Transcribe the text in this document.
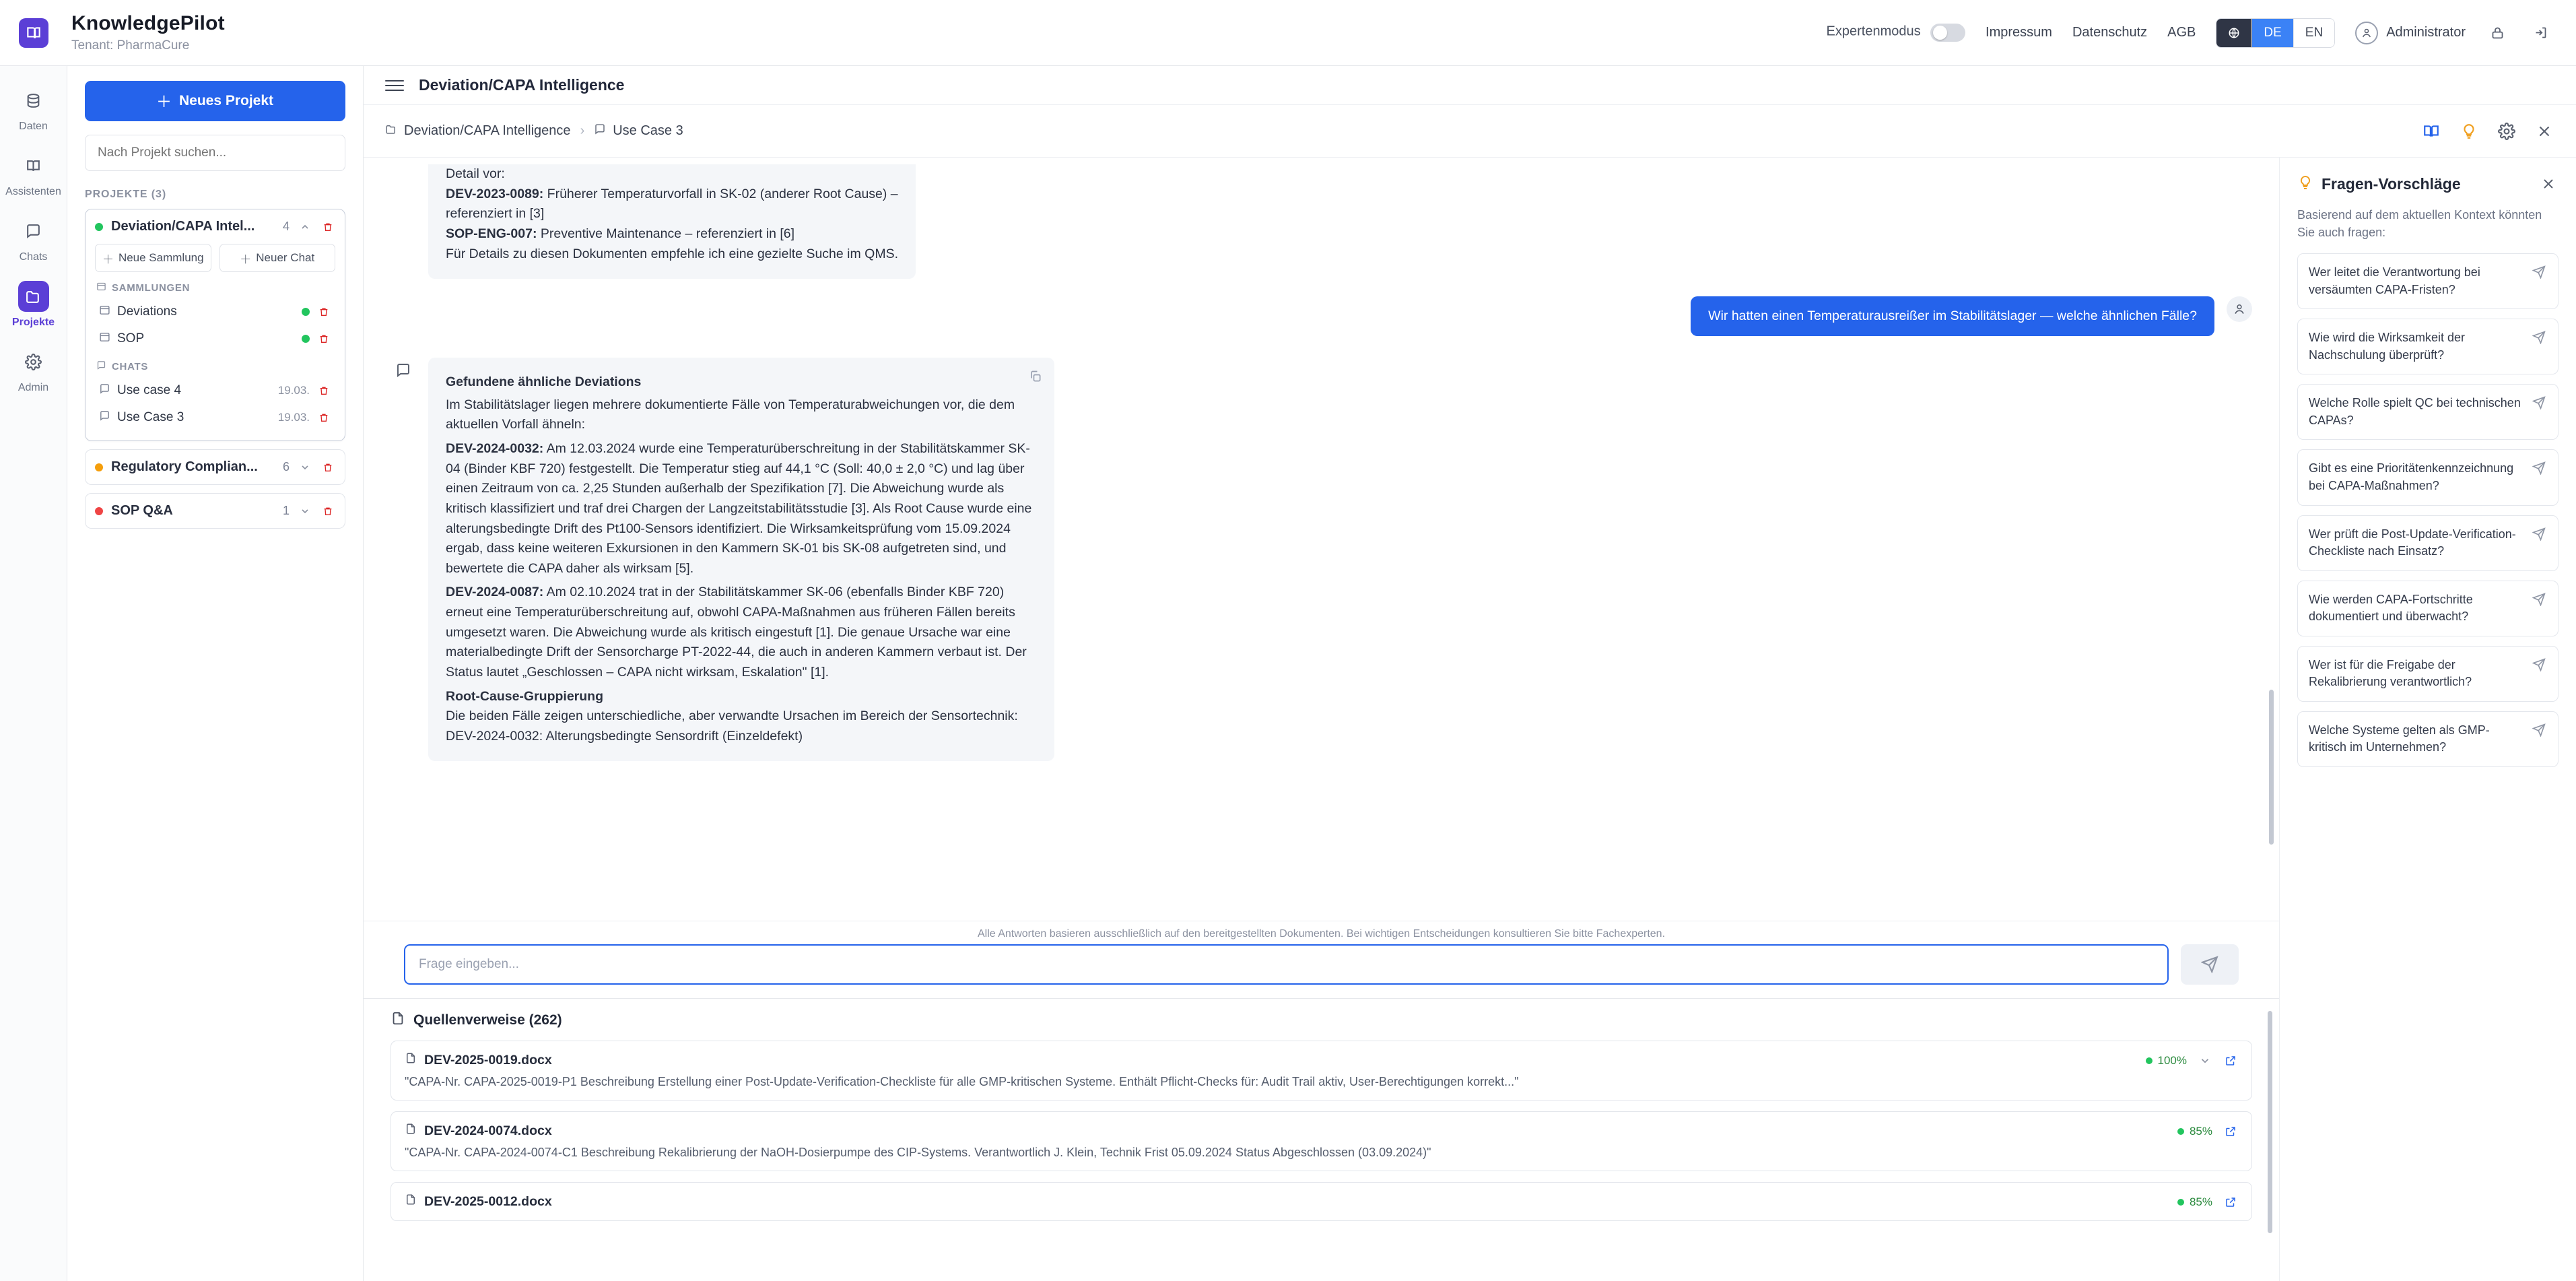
KnowledgePilot
Tenant: PharmaCure
Expertenmodus	Impressum Datenschutz AGB	DE	EN	Administrator
Daten
Assistenten
Chats
Projekte
Admin
＋ Neues Projekt
Nach Projekt suchen...
PROJEKTE (3)
Deviation/CAPA Intel...	4
＋ Neue Sammlung	＋ Neuer Chat
SAMMLUNGEN
Deviations
SOP
CHATS
Use case 4	19.03.
Use Case 3	19.03.
Regulatory Complian...	6
SOP Q&A	1
Deviation/CAPA Intelligence
Deviation/CAPA Intelligence › Use Case 3
Detail vor:
DEV-2023-0089: Früherer Temperaturvorfall in SK-02 (anderer Root Cause) –
referenziert in [3]
SOP-ENG-007: Preventive Maintenance – referenziert in [6]
Für Details zu diesen Dokumenten empfehle ich eine gezielte Suche im QMS.
Wir hatten einen Temperaturausreißer im Stabilitätslager — welche ähnlichen Fälle?
Gefundene ähnliche Deviations
Im Stabilitätslager liegen mehrere dokumentierte Fälle von Temperaturabweichungen vor, die dem aktuellen Vorfall ähneln:
DEV-2024-0032: Am 12.03.2024 wurde eine Temperaturüberschreitung in der Stabilitätskammer SK-04 (Binder KBF 720) festgestellt. Die Temperatur stieg auf 44,1 °C (Soll: 40,0 ± 2,0 °C) und lag über einen Zeitraum von ca. 2,25 Stunden außerhalb der Spezifikation [7]. Die Abweichung wurde als kritisch klassifiziert und traf drei Chargen der Langzeitstabilitätsstudie [3]. Als Root Cause wurde eine alterungsbedingte Drift des Pt100-Sensors identifiziert. Die Wirksamkeitsprüfung vom 15.09.2024 ergab, dass keine weiteren Exkursionen in den Kammern SK-01 bis SK-08 aufgetreten sind, und bewertete die CAPA daher als wirksam [5].
DEV-2024-0087: Am 02.10.2024 trat in der Stabilitätskammer SK-06 (ebenfalls Binder KBF 720) erneut eine Temperaturüberschreitung auf, obwohl CAPA-Maßnahmen aus früheren Fällen bereits umgesetzt waren. Die Abweichung wurde als kritisch eingestuft [1]. Die genaue Ursache war eine materialbedingte Drift der Sensorcharge PT-2022-44, die auch in anderen Kammern verbaut ist. Der Status lautet „Geschlossen – CAPA nicht wirksam, Eskalation" [1].
Root-Cause-Gruppierung
Die beiden Fälle zeigen unterschiedliche, aber verwandte Ursachen im Bereich der Sensortechnik:
DEV-2024-0032: Alterungsbedingte Sensordrift (Einzeldefekt)
Alle Antworten basieren ausschließlich auf den bereitgestellten Dokumenten. Bei wichtigen Entscheidungen konsultieren Sie bitte Fachexperten.
Frage eingeben...
Quellenverweise (262)
DEV-2025-0019.docx
"CAPA-Nr. CAPA-2025-0019-P1 Beschreibung Erstellung einer Post-Update-Verification-Checkliste für alle GMP-kritischen Systeme. Enthält Pflicht-Checks für: Audit Trail aktiv, User-Berechtigungen korrekt..."
100%
DEV-2024-0074.docx
"CAPA-Nr. CAPA-2024-0074-C1 Beschreibung Rekalibrierung der NaOH-Dosierpumpe des CIP-Systems. Verantwortlich J. Klein, Technik Frist 05.09.2024 Status Abgeschlossen (03.09.2024)"
85%
DEV-2025-0012.docx	85%
Fragen-Vorschläge
Basierend auf dem aktuellen Kontext könnten Sie auch fragen:
Wer leitet die Verantwortung bei versäumten CAPA-Fristen?
Wie wird die Wirksamkeit der Nachschulung überprüft?
Welche Rolle spielt QC bei technischen CAPAs?
Gibt es eine Prioritätenkennzeichnung bei CAPA-Maßnahmen?
Wer prüft die Post-Update-Verification-Checkliste nach Einsatz?
Wie werden CAPA-Fortschritte dokumentiert und überwacht?
Wer ist für die Freigabe der Rekalibrierung verantwortlich?
Welche Systeme gelten als GMP-kritisch im Unternehmen?
